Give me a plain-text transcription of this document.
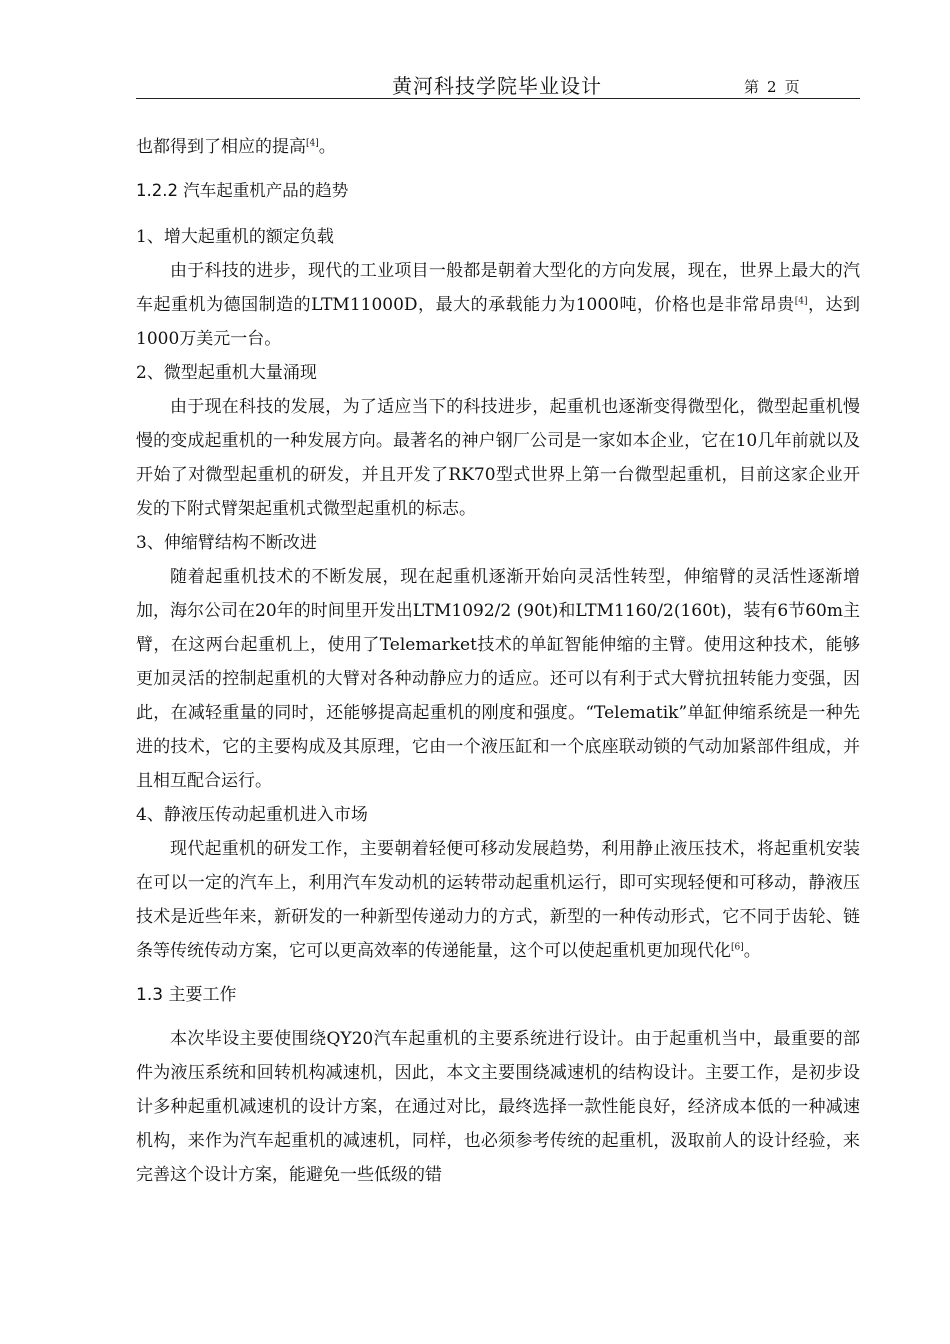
黄河科技学院毕业设计	第 2 页

也都得到了相应的提高[4]。

1.2.2 汽车起重机产品的趋势

1、增大起重机的额定负载

由于科技的进步，现代的工业项目一般都是朝着大型化的方向发展，现在，世界上最大的汽车起重机为德国制造的LTM11000D，最大的承载能力为1000吨，价格也是非常昂贵[4]，达到1000万美元一台。

2、微型起重机大量涌现

由于现在科技的发展，为了适应当下的科技进步，起重机也逐渐变得微型化，微型起重机慢慢的变成起重机的一种发展方向。最著名的神户钢厂公司是一家如本企业，它在10几年前就以及开始了对微型起重机的研发，并且开发了RK70型式世界上第一台微型起重机，目前这家企业开发的下附式臂架起重机式微型起重机的标志。

3、伸缩臂结构不断改进

随着起重机技术的不断发展，现在起重机逐渐开始向灵活性转型，伸缩臂的灵活性逐渐增加，海尔公司在20年的时间里开发出LTM1092/2 (90t)和LTM1160/2(160t)，装有6节60m主臂，在这两台起重机上，使用了Telemarket技术的单缸智能伸缩的主臂。使用这种技术，能够更加灵活的控制起重机的大臂对各种动静应力的适应。还可以有利于式大臂抗扭转能力变强，因此，在减轻重量的同时，还能够提高起重机的刚度和强度。“Telematik”单缸伸缩系统是一种先进的技术，它的主要构成及其原理，它由一个液压缸和一个底座联动锁的气动加紧部件组成，并且相互配合运行。

4、静液压传动起重机进入市场

现代起重机的研发工作，主要朝着轻便可移动发展趋势，利用静止液压技术，将起重机安装在可以一定的汽车上，利用汽车发动机的运转带动起重机运行，即可实现轻便和可移动，静液压技术是近些年来，新研发的一种新型传递动力的方式，新型的一种传动形式，它不同于齿轮、链条等传统传动方案，它可以更高效率的传递能量，这个可以使起重机更加现代化[6]。

1.3 主要工作

本次毕设主要使围绕QY20汽车起重机的主要系统进行设计。由于起重机当中，最重要的部件为液压系统和回转机构减速机，因此，本文主要围绕减速机的结构设计。主要工作，是初步设计多种起重机减速机的设计方案，在通过对比，最终选择一款性能良好，经济成本低的一种减速机构，来作为汽车起重机的减速机，同样，也必须参考传统的起重机，汲取前人的设计经验，来完善这个设计方案，能避免一些低级的错
